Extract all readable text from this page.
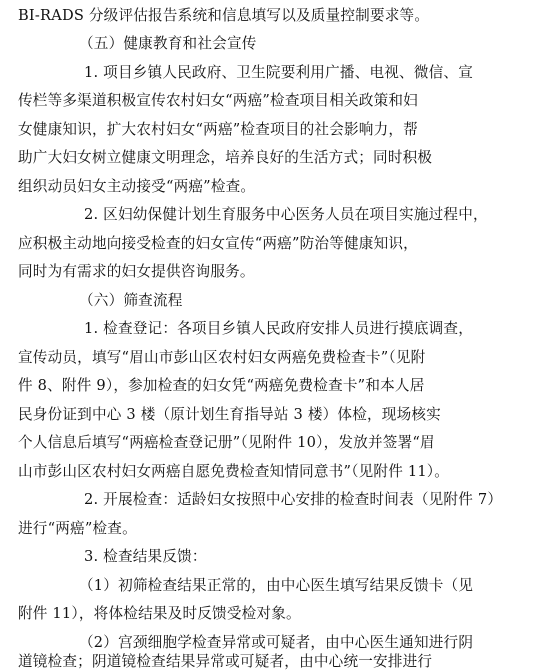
BI-RADS 分级评估报告系统和信息填写以及质量控制要求等。
（五）健康教育和社会宣传
1. 项目乡镇人民政府、卫生院要利用广播、电视、微信、宣
传栏等多渠道积极宣传农村妇女“两癌”检查项目相关政策和妇
女健康知识，扩大农村妇女“两癌”检查项目的社会影响力，帮
助广大妇女树立健康文明理念，培养良好的生活方式；同时积极
组织动员妇女主动接受“两癌”检查。
2. 区妇幼保健计划生育服务中心医务人员在项目实施过程中，
应积极主动地向接受检查的妇女宣传“两癌”防治等健康知识，
同时为有需求的妇女提供咨询服务。
（六）筛查流程
1. 检查登记：各项目乡镇人民政府安排人员进行摸底调查，
宣传动员，填写“眉山市彭山区农村妇女两癌免费检查卡”（见附
件 8、附件 9），参加检查的妇女凭“两癌免费检查卡”和本人居
民身份证到中心 3 楼（原计划生育指导站 3 楼）体检，现场核实
个人信息后填写“两癌检查登记册”（见附件 10），发放并签署“眉
山市彭山区农村妇女两癌自愿免费检查知情同意书”（见附件 11）。
2. 开展检查：适龄妇女按照中心安排的检查时间表（见附件 7）
进行“两癌”检查。
3. 检查结果反馈：
（1）初筛检查结果正常的，由中心医生填写结果反馈卡（见
附件 11），将体检结果及时反馈受检对象。
（2）宫颈细胞学检查异常或可疑者，由中心医生通知进行阴
道镜检查；阴道镜检查结果异常或可疑者，由中心统一安排进行
